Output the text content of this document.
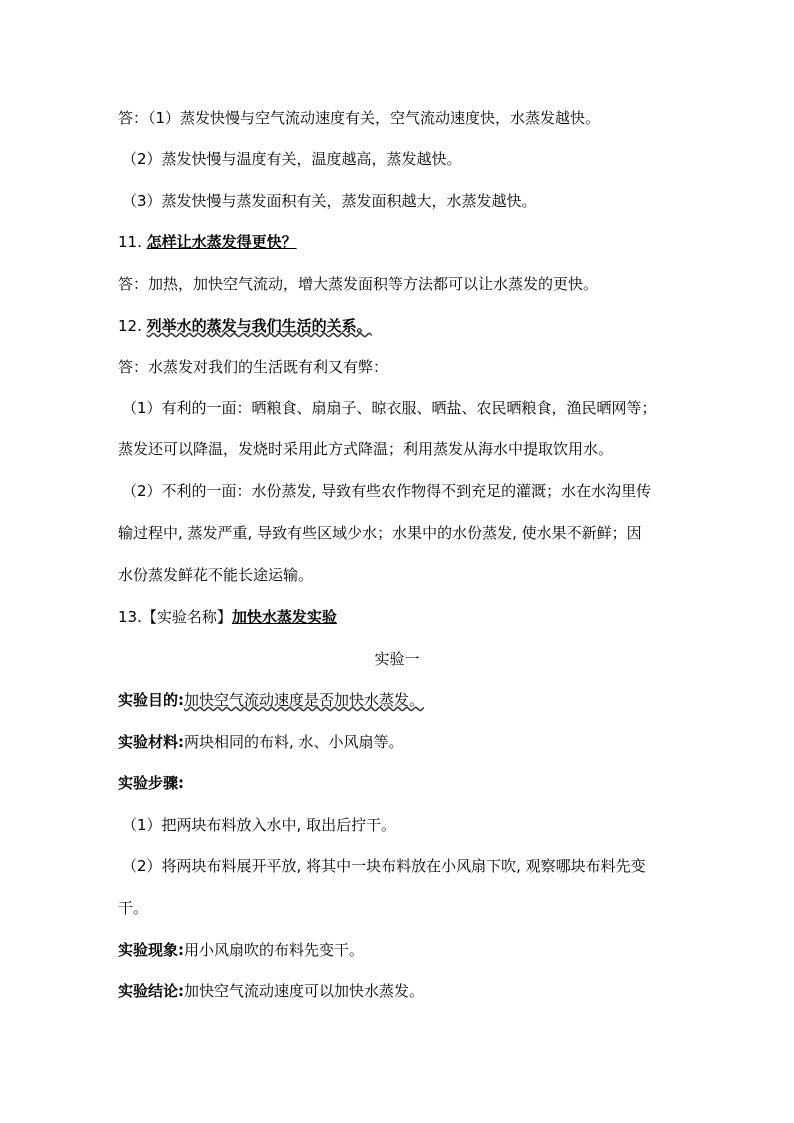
答：（1）蒸发快慢与空气流动速度有关，空气流动速度快，水蒸发越快。
（2）蒸发快慢与温度有关，温度越高，蒸发越快。
（3）蒸发快慢与蒸发面积有关，蒸发面积越大，水蒸发越快。
11. 怎样让水蒸发得更快？
答：加热，加快空气流动，增大蒸发面积等方法都可以让水蒸发的更快。
12. 列举水的蒸发与我们生活的关系。
答：水蒸发对我们的生活既有利又有弊：
（1）有利的一面：晒粮食、扇扇子、晾衣服、晒盐、农民晒粮食，渔民晒网等；
蒸发还可以降温，发烧时采用此方式降温；利用蒸发从海水中提取饮用水。
（2）不利的一面：水份蒸发, 导致有些农作物得不到充足的灌溉；水在水沟里传
输过程中, 蒸发严重, 导致有些区域少水；水果中的水份蒸发, 使水果不新鲜；因
水份蒸发鲜花不能长途运输。
13.【实验名称】加快水蒸发实验
实验一
实验目的:加快空气流动速度是否加快水蒸发。
实验材料:两块相同的布料, 水、小风扇等。
实验步骤:
（1）把两块布料放入水中, 取出后拧干。
（2）将两块布料展开平放, 将其中一块布料放在小风扇下吹, 观察哪块布料先变
干。
实验现象:用小风扇吹的布料先变干。
实验结论:加快空气流动速度可以加快水蒸发。
